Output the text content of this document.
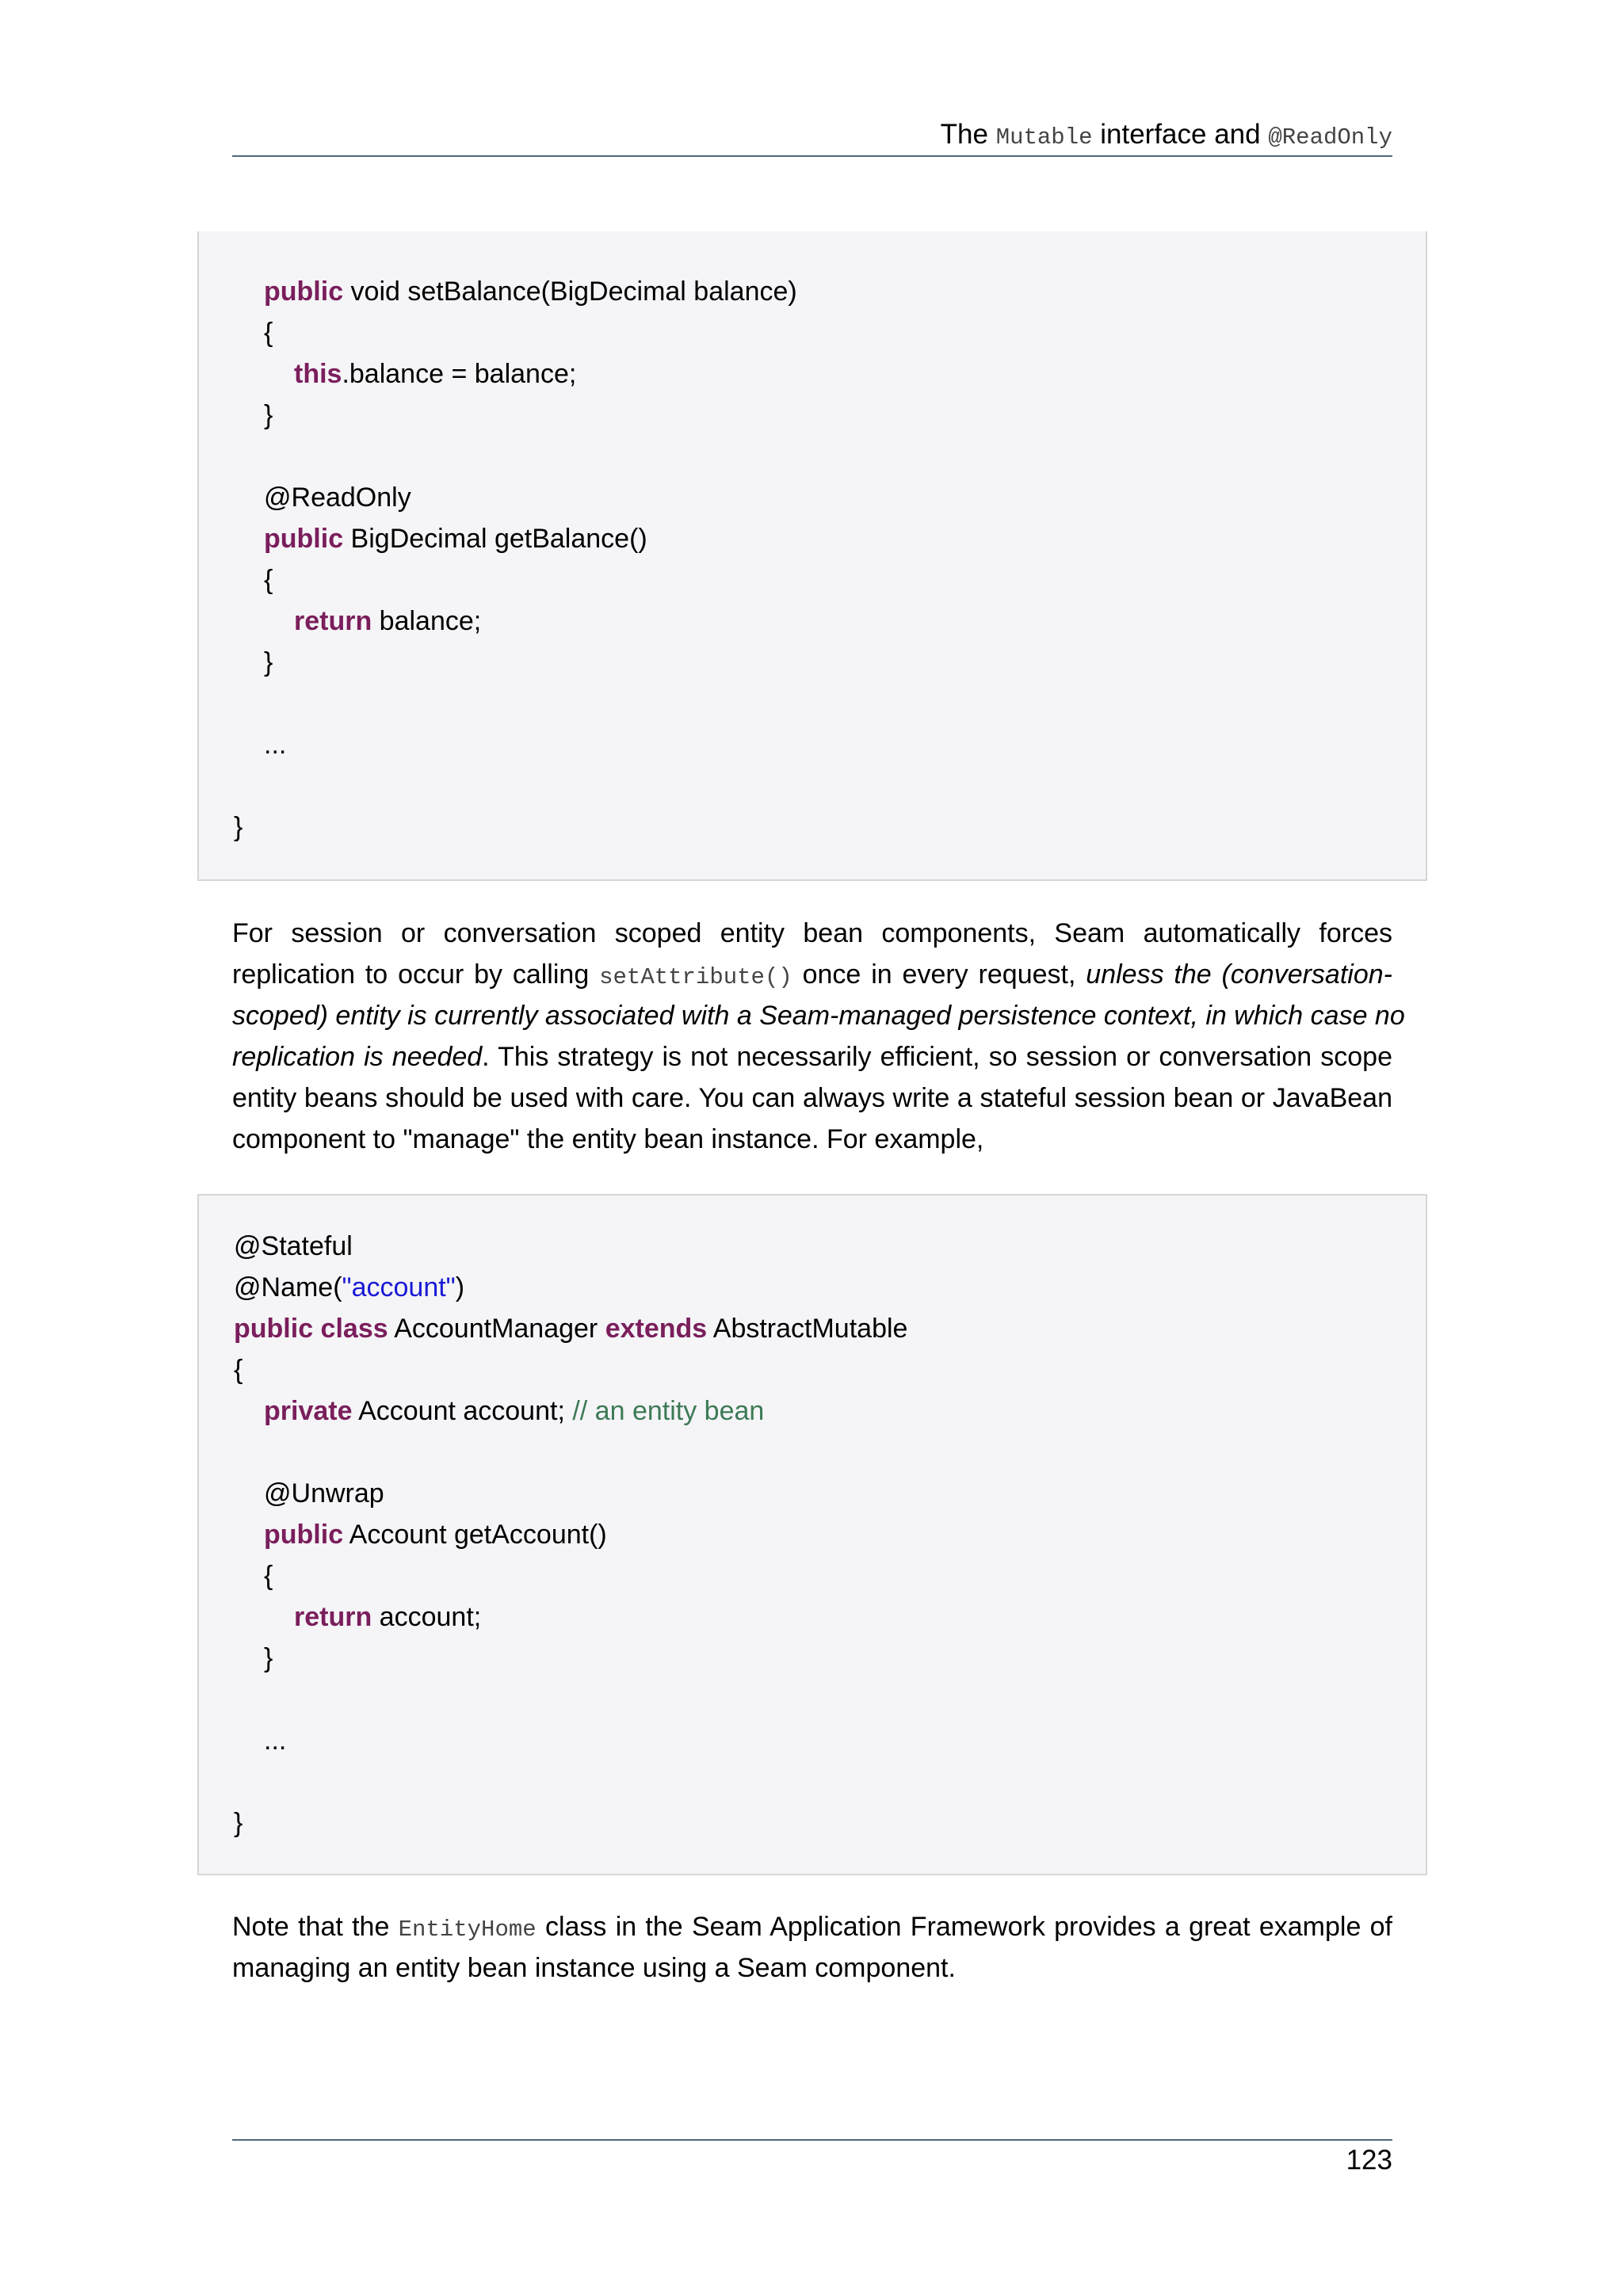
The Mutable interface and @ReadOnly
public void setBalance(BigDecimal balance)
{
this.balance = balance;
}
@ReadOnly
public BigDecimal getBalance()
{
return balance;
}
...
}
For session or conversation scoped entity bean components, Seam automatically forces
replication to occur by calling setAttribute() once in every request, unless the (conversation-
scoped) entity is currently associated with a Seam-managed persistence context, in which case no
replication is needed. This strategy is not necessarily efficient, so session or conversation scope
entity beans should be used with care. You can always write a stateful session bean or JavaBean
component to "manage" the entity bean instance. For example,
@Stateful
@Name("account")
public class AccountManager extends AbstractMutable
{
private Account account; // an entity bean
@Unwrap
public Account getAccount()
{
return account;
}
...
}
Note that the EntityHome class in the Seam Application Framework provides a great example of
managing an entity bean instance using a Seam component.
123
